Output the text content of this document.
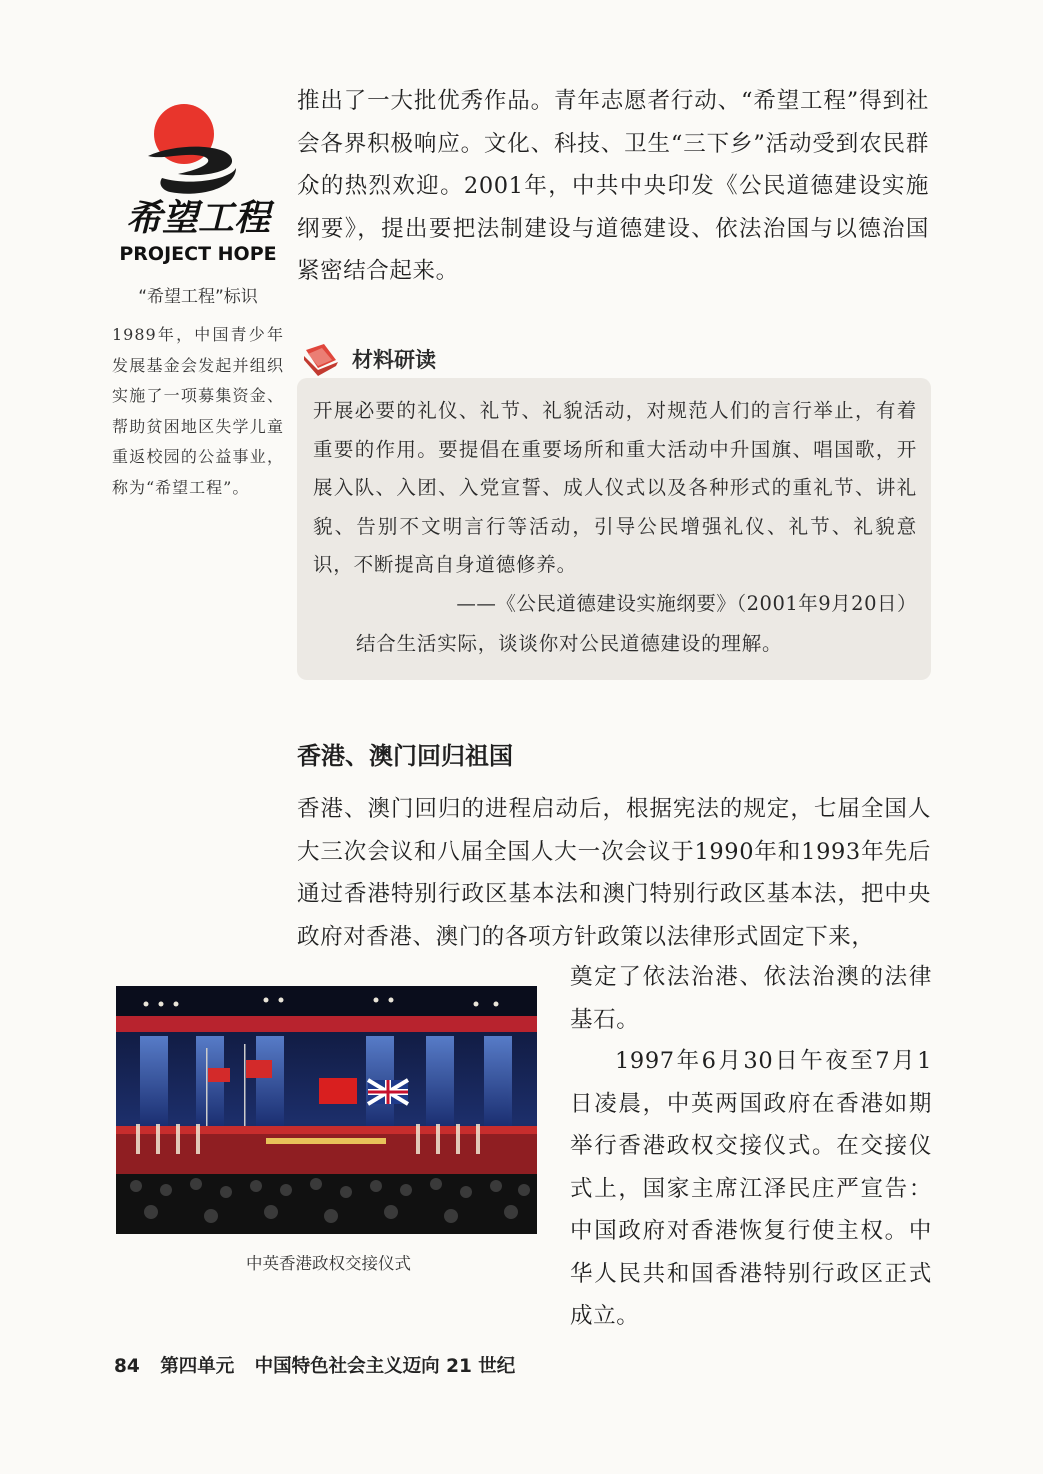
希望工程
PROJECT HOPE
“希望工程”标识
1989年，中国青少年发展基金会发起并组织实施了一项募集资金、帮助贫困地区失学儿童重返校园的公益事业，称为“希望工程”。
推出了一大批优秀作品。青年志愿者行动、“希望工程”得到社会各界积极响应。文化、科技、卫生“三下乡”活动受到农民群众的热烈欢迎。2001年，中共中央印发《公民道德建设实施纲要》，提出要把法制建设与道德建设、依法治国与以德治国紧密结合起来。
材料研读
开展必要的礼仪、礼节、礼貌活动，对规范人们的言行举止，有着重要的作用。要提倡在重要场所和重大活动中升国旗、唱国歌，开展入队、入团、入党宣誓、成人仪式以及各种形式的重礼节、讲礼貌、告别不文明言行等活动，引导公民增强礼仪、礼节、礼貌意识，不断提高自身道德修养。
——《公民道德建设实施纲要》（2001年9月20日）
结合生活实际，谈谈你对公民道德建设的理解。
香港、澳门回归祖国
香港、澳门回归的进程启动后，根据宪法的规定，七届全国人大三次会议和八届全国人大一次会议于1990年和1993年先后通过香港特别行政区基本法和澳门特别行政区基本法，把中央政府对香港、澳门的各项方针政策以法律形式固定下来，
奠定了依法治港、依法治澳的法律基石。
1997年6月30日午夜至7月1日凌晨，中英两国政府在香港如期举行香港政权交接仪式。在交接仪式上，国家主席江泽民庄严宣告：中国政府对香港恢复行使主权。中华人民共和国香港特别行政区正式成立。
中英香港政权交接仪式
84 第四单元 中国特色社会主义迈向 21 世纪
